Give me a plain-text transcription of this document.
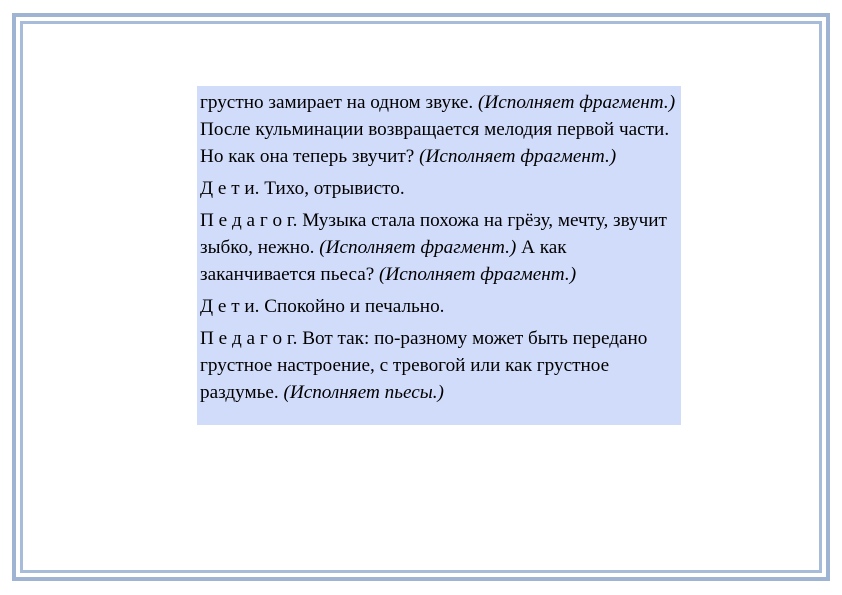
грустно замирает на одном звуке. (Исполняет фрагмент.) После кульминации возвращается мелодия первой части. Но как она теперь звучит? (Исполняет фрагмент.)

Д е т и. Тихо, отрывисто.

П е д а г о г. Музыка стала похожа на грёзу, мечту, звучит зыбко, нежно. (Исполняет фрагмент.) А как заканчивается пьеса? (Исполняет фрагмент.)

Д е т и. Спокойно и печально.

П е д а г о г. Вот так: по-разному может быть передано грустное настроение, с тревогой или как грустное раздумье. (Исполняет пьесы.)
